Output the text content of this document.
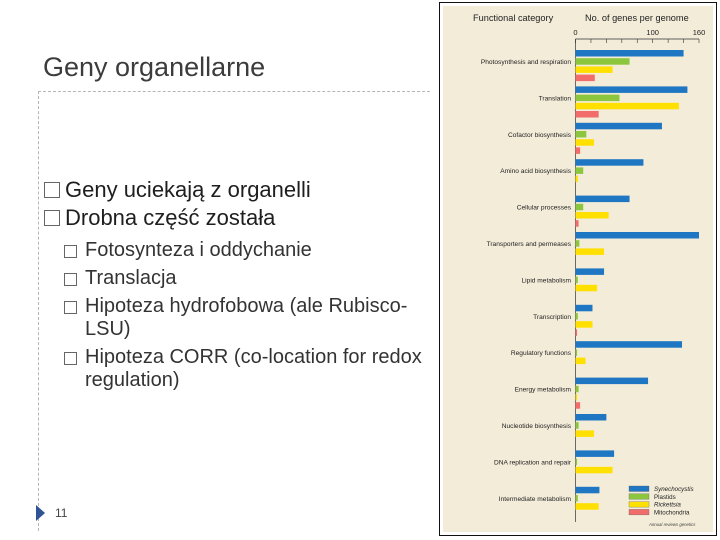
Geny organellarne
Geny uciekają z organelli
Drobna część została
Fotosynteza i oddychanie
Translacja
Hipoteza hydrofobowa (ale Rubisco-LSU)
Hipoteza CORR (co-location for redox regulation)
11
Functional category	No. of genes per genome
0	100	160
Photosynthesis and respiration
Translation
Cofactor biosynthesis
Amino acid biosynthesis
Cellular processes
Transporters and permeases
Lipid metabolism
Transcription
Regulatory functions
Energy metabolism
Nucleotide biosynthesis
DNA replication and repair
Intermediate metabolism
Synechocystis
Plastids
Rickettsia
Mitochondria
Annual reviews genetics
